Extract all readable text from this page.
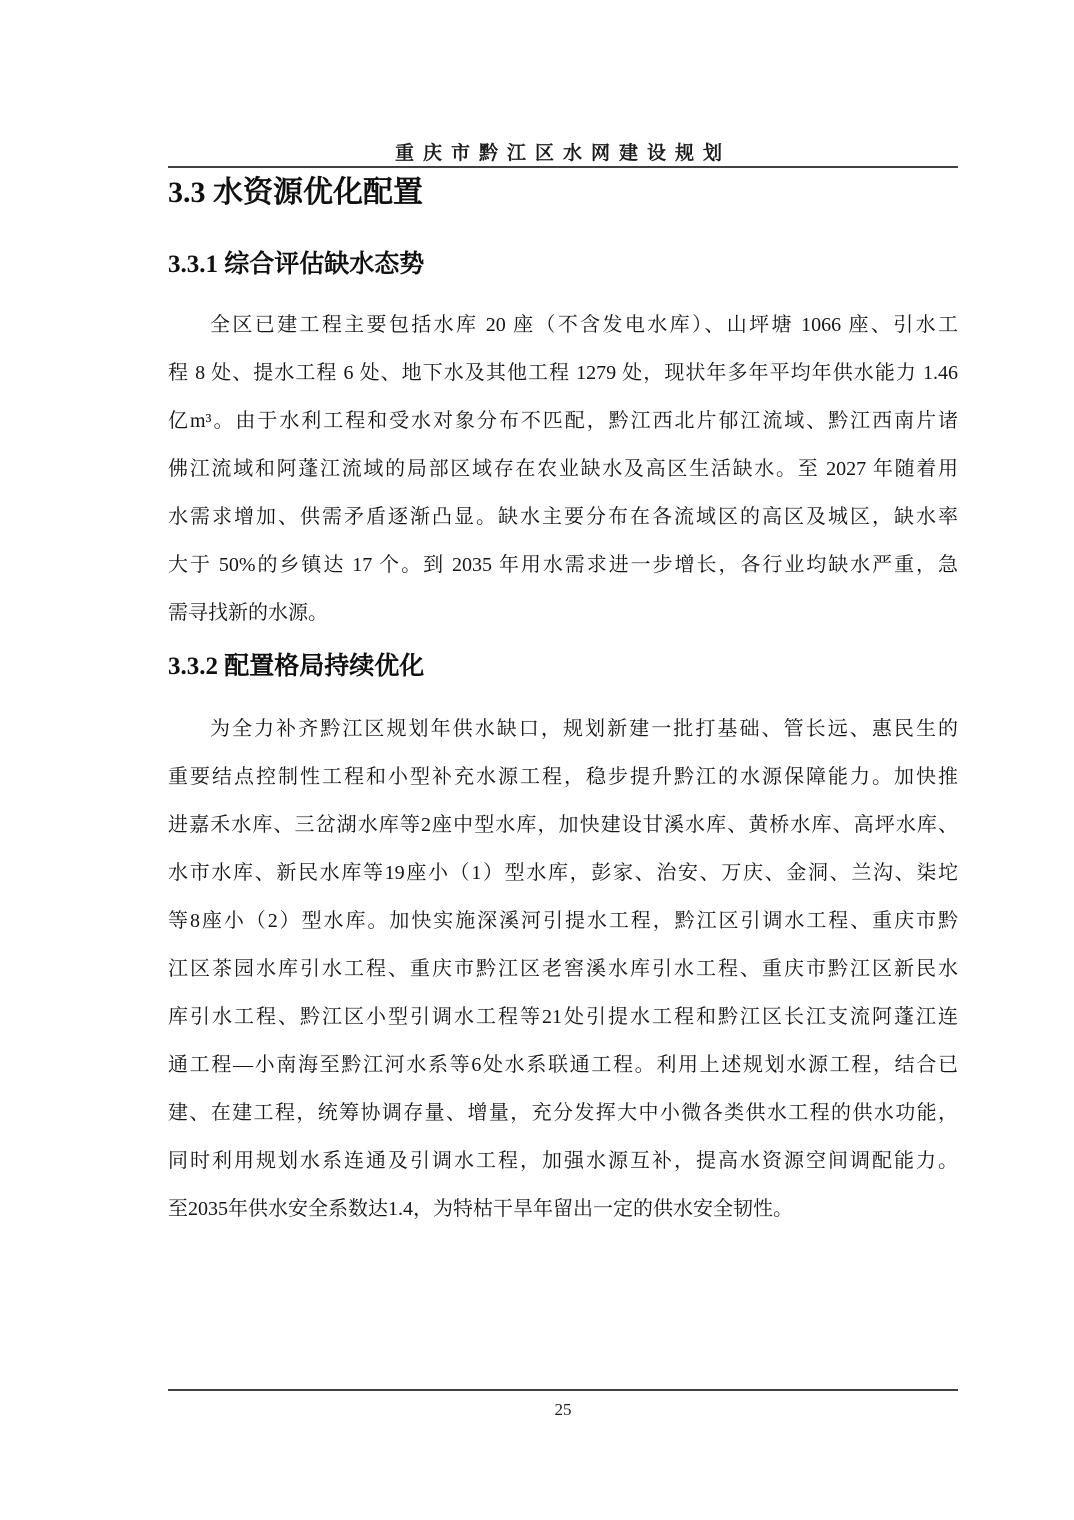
重庆市黔江区水网建设规划
3.3 水资源优化配置
3.3.1 综合评估缺水态势
全区已建工程主要包括水库 20 座（不含发电水库）、山坪塘 1066 座、引水工
程 8 处、提水工程 6 处、地下水及其他工程 1279 处，现状年多年平均年供水能力 1.46
亿m³。由于水利工程和受水对象分布不匹配，黔江西北片郁江流域、黔江西南片诸
佛江流域和阿蓬江流域的局部区域存在农业缺水及高区生活缺水。至 2027 年随着用
水需求增加、供需矛盾逐渐凸显。缺水主要分布在各流域区的高区及城区，缺水率
大于 50%的乡镇达 17 个。到 2035 年用水需求进一步增长，各行业均缺水严重，急
需寻找新的水源。
3.3.2 配置格局持续优化
为全力补齐黔江区规划年供水缺口，规划新建一批打基础、管长远、惠民生的
重要结点控制性工程和小型补充水源工程，稳步提升黔江的水源保障能力。加快推
进嘉禾水库、三岔湖水库等2座中型水库，加快建设甘溪水库、黄桥水库、高坪水库、
水市水库、新民水库等19座小（1）型水库，彭家、治安、万庆、金洞、兰沟、柒坨
等8座小（2）型水库。加快实施深溪河引提水工程，黔江区引调水工程、重庆市黔
江区茶园水库引水工程、重庆市黔江区老窖溪水库引水工程、重庆市黔江区新民水
库引水工程、黔江区小型引调水工程等21处引提水工程和黔江区长江支流阿蓬江连
通工程—小南海至黔江河水系等6处水系联通工程。利用上述规划水源工程，结合已
建、在建工程，统筹协调存量、增量，充分发挥大中小微各类供水工程的供水功能，
同时利用规划水系连通及引调水工程，加强水源互补，提高水资源空间调配能力。
至2035年供水安全系数达1.4，为特枯干旱年留出一定的供水安全韧性。
25
